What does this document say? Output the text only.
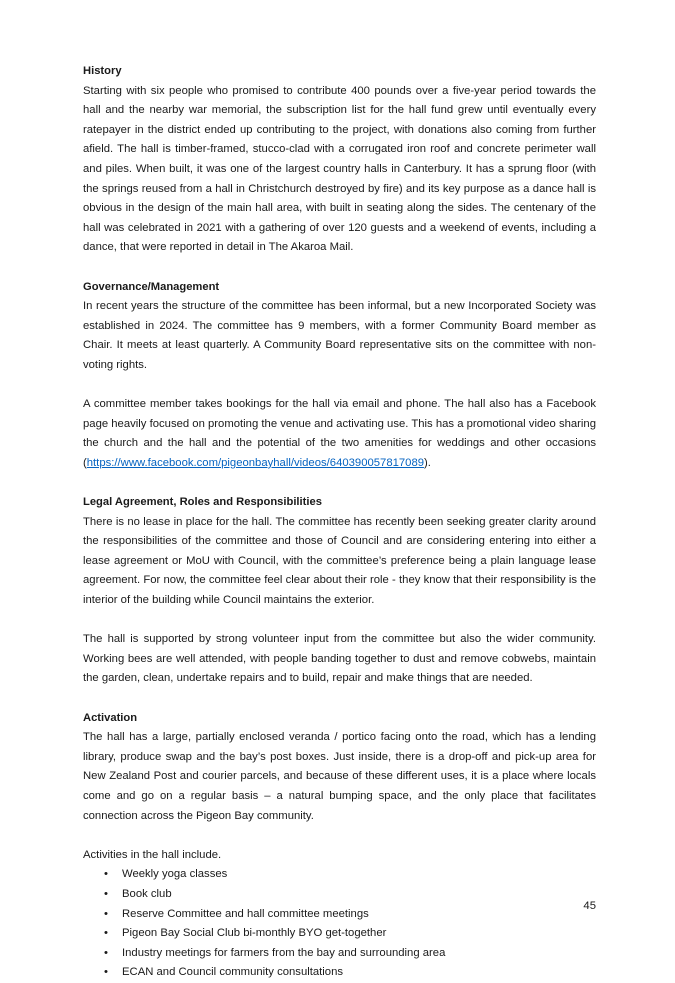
History

Starting with six people who promised to contribute 400 pounds over a five-year period towards the hall and the nearby war memorial, the subscription list for the hall fund grew until eventually every ratepayer in the district ended up contributing to the project, with donations also coming from further afield. The hall is timber-framed, stucco-clad with a corrugated iron roof and concrete perimeter wall and piles. When built, it was one of the largest country halls in Canterbury. It has a sprung floor (with the springs reused from a hall in Christchurch destroyed by fire) and its key purpose as a dance hall is obvious in the design of the main hall area, with built in seating along the sides. The centenary of the hall was celebrated in 2021 with a gathering of over 120 guests and a weekend of events, including a dance, that were reported in detail in The Akaroa Mail.

Governance/Management

In recent years the structure of the committee has been informal, but a new Incorporated Society was established in 2024. The committee has 9 members, with a former Community Board member as Chair. It meets at least quarterly. A Community Board representative sits on the committee with non-voting rights.

A committee member takes bookings for the hall via email and phone. The hall also has a Facebook page heavily focused on promoting the venue and activating use. This has a promotional video sharing the church and the hall and the potential of the two amenities for weddings and other occasions (https://www.facebook.com/pigeonbayhall/videos/640390057817089).

Legal Agreement, Roles and Responsibilities

There is no lease in place for the hall. The committee has recently been seeking greater clarity around the responsibilities of the committee and those of Council and are considering entering into either a lease agreement or MoU with Council, with the committee’s preference being a plain language lease agreement. For now, the committee feel clear about their role - they know that their responsibility is the interior of the building while Council maintains the exterior.

The hall is supported by strong volunteer input from the committee but also the wider community. Working bees are well attended, with people banding together to dust and remove cobwebs, maintain the garden, clean, undertake repairs and to build, repair and make things that are needed.

Activation

The hall has a large, partially enclosed veranda / portico facing onto the road, which has a lending library, produce swap and the bay’s post boxes. Just inside, there is a drop-off and pick-up area for New Zealand Post and courier parcels, and because of these different uses, it is a place where locals come and go on a regular basis – a natural bumping space, and the only place that facilitates connection across the Pigeon Bay community.

Activities in the hall include.

• Weekly yoga classes
• Book club
• Reserve Committee and hall committee meetings
• Pigeon Bay Social Club bi-monthly BYO get-together
• Industry meetings for farmers from the bay and surrounding area
• ECAN and Council community consultations
45
